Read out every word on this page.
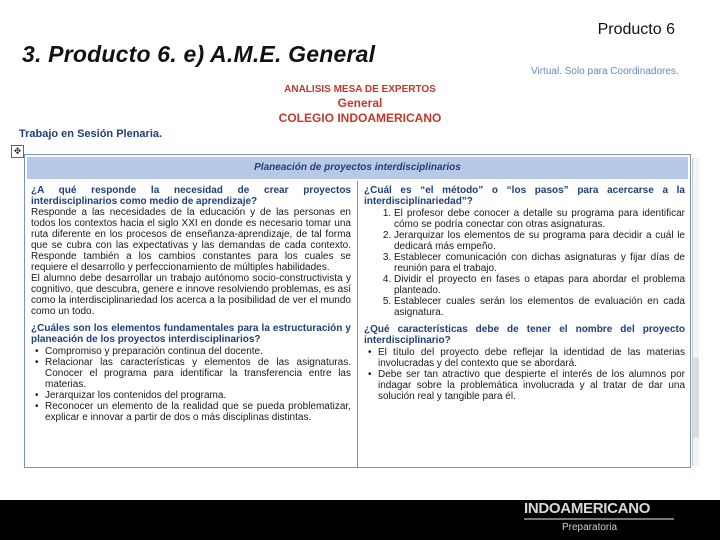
Producto 6
3. Producto 6. e) A.M.E. General
Virtual. Solo para Coordinadores.
ANALISIS MESA DE EXPERTOS
General
COLEGIO INDOAMERICANO
Trabajo en Sesión Plenaria.
✥
Planeación de proyectos interdisciplinarios
¿A qué responde la necesidad de crear proyectos interdisciplinarios como medio de aprendizaje?
Responde a las necesidades de la educación y de las personas en todos los contextos hacia el siglo XXI en donde es necesario tomar una ruta diferente en los procesos de enseñanza-aprendizaje, de tal forma que se cubra con las expectativas y las demandas de cada contexto. Responde también a los cambios constantes para los cuales se requiere el desarrollo y perfeccionamiento de múltiples habilidades.
El alumno debe desarrollar un trabajo autónomo socio-constructivista y cognitivo, que descubra, genere e innove resolviendo problemas, es así como la interdisciplinariedad los acerca a la posibilidad de ver el mundo como un todo.
¿Cuáles son los elementos fundamentales para la estructuración y planeación de los proyectos interdisciplinarios?
• Compromiso y preparación continua del docente.
• Relacionar las características y elementos de las asignaturas. Conocer el programa para identificar la transferencia entre las materias.
• Jerarquizar los contenidos del programa.
• Reconocer un elemento de la realidad que se pueda problematizar, explicar e innovar a partir de dos o más disciplinas distintas.
¿Cuál es “el método” o “los pasos” para acercarse a la interdisciplinariedad”?
1. El profesor debe conocer a detalle su programa para identificar cómo se podría conectar con otras asignaturas.
2. Jerarquizar los elementos de su programa para decidir a cuál le dedicará más empeño.
3. Establecer comunicación con dichas asignaturas y fijar días de reunión para el trabajo.
4. Dividir el proyecto en fases o etapas para abordar el problema planteado.
5. Establecer cuales serán los elementos de evaluación en cada asignatura.
¿Qué características debe de tener el nombre del proyecto interdisciplinario?
• El título del proyecto debe reflejar la identidad de las materias involucradas y del contexto que se abordará.
• Debe ser tan atractivo que despierte el interés de los alumnos por indagar sobre la problemática involucrada y al tratar de dar una solución real y tangible para él.
INDOAMERICANO
Preparatoria
